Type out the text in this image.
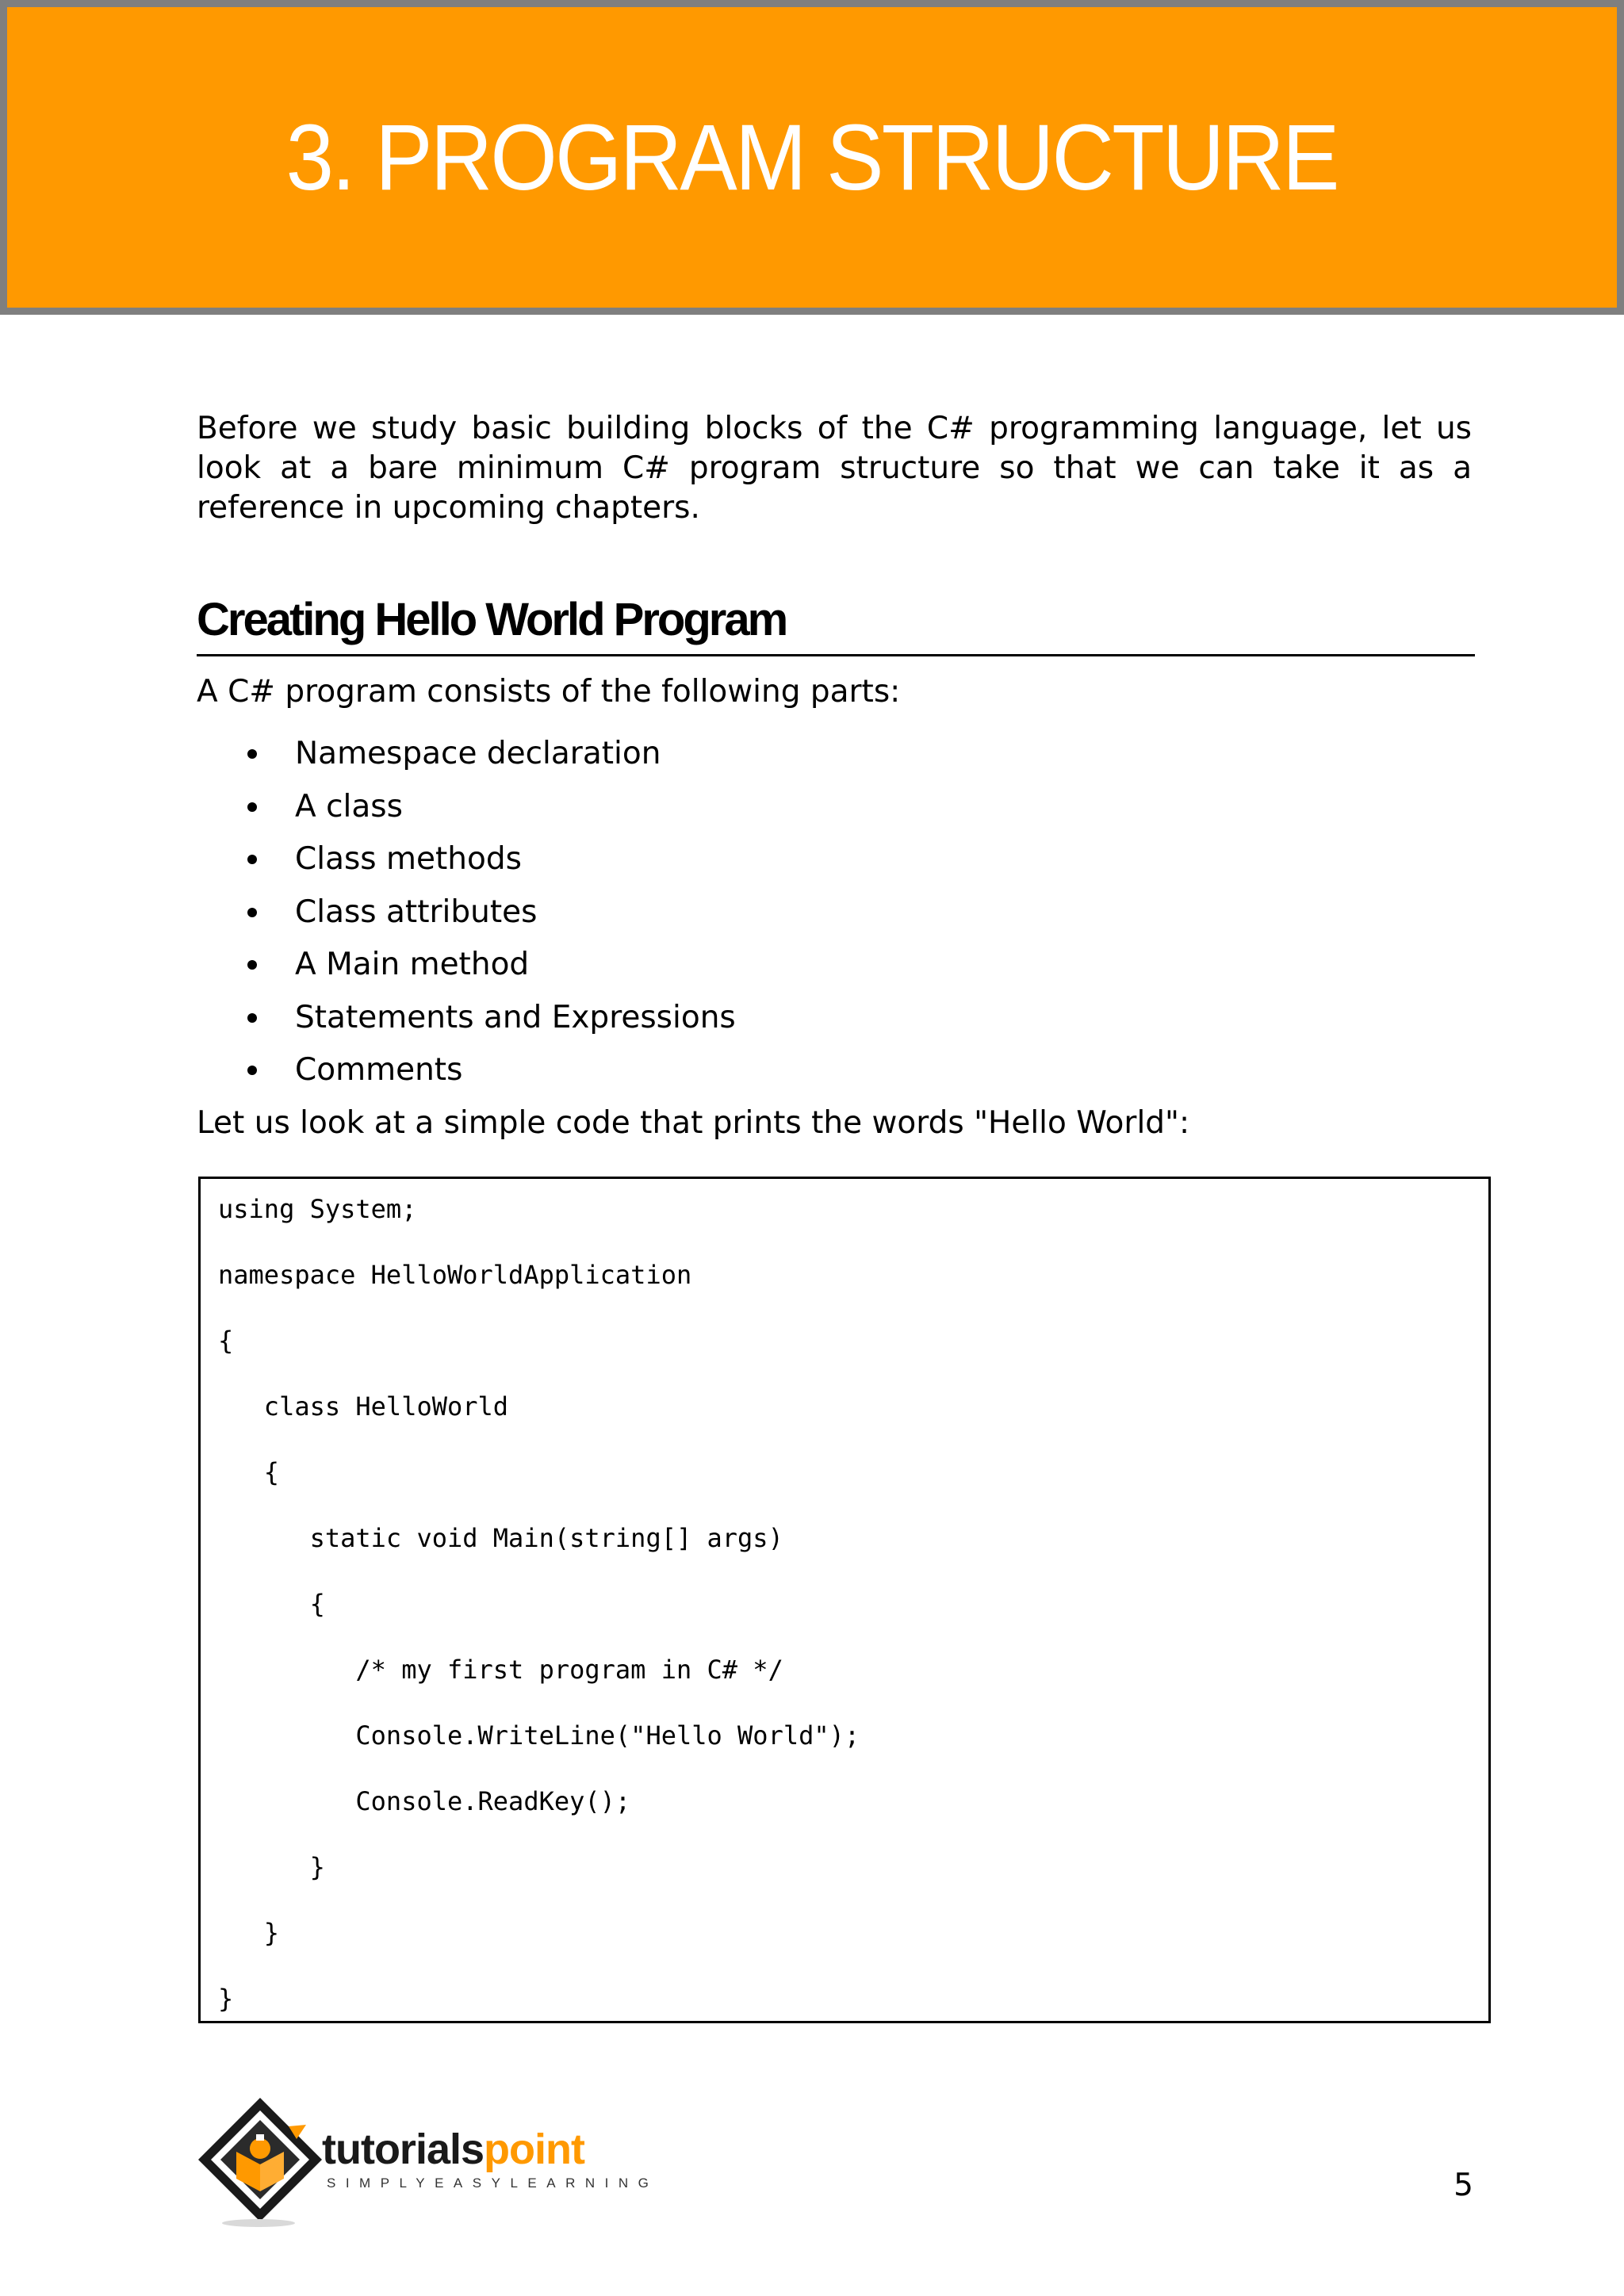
3. PROGRAM STRUCTURE

Before we study basic building blocks of the C# programming language, let us look at a bare minimum C# program structure so that we can take it as a reference in upcoming chapters.

Creating Hello World Program

A C# program consists of the following parts:

Namespace declaration
A class
Class methods
Class attributes
A Main method
Statements and Expressions
Comments

Let us look at a simple code that prints the words "Hello World":

using System;
namespace HelloWorldApplication
{
class HelloWorld
{
static void Main(string[] args)
{
/* my first program in C# */
Console.WriteLine("Hello World");
Console.ReadKey();
}
}
}
tutorialspoint
SIMPLYEASYLEARNING	5
